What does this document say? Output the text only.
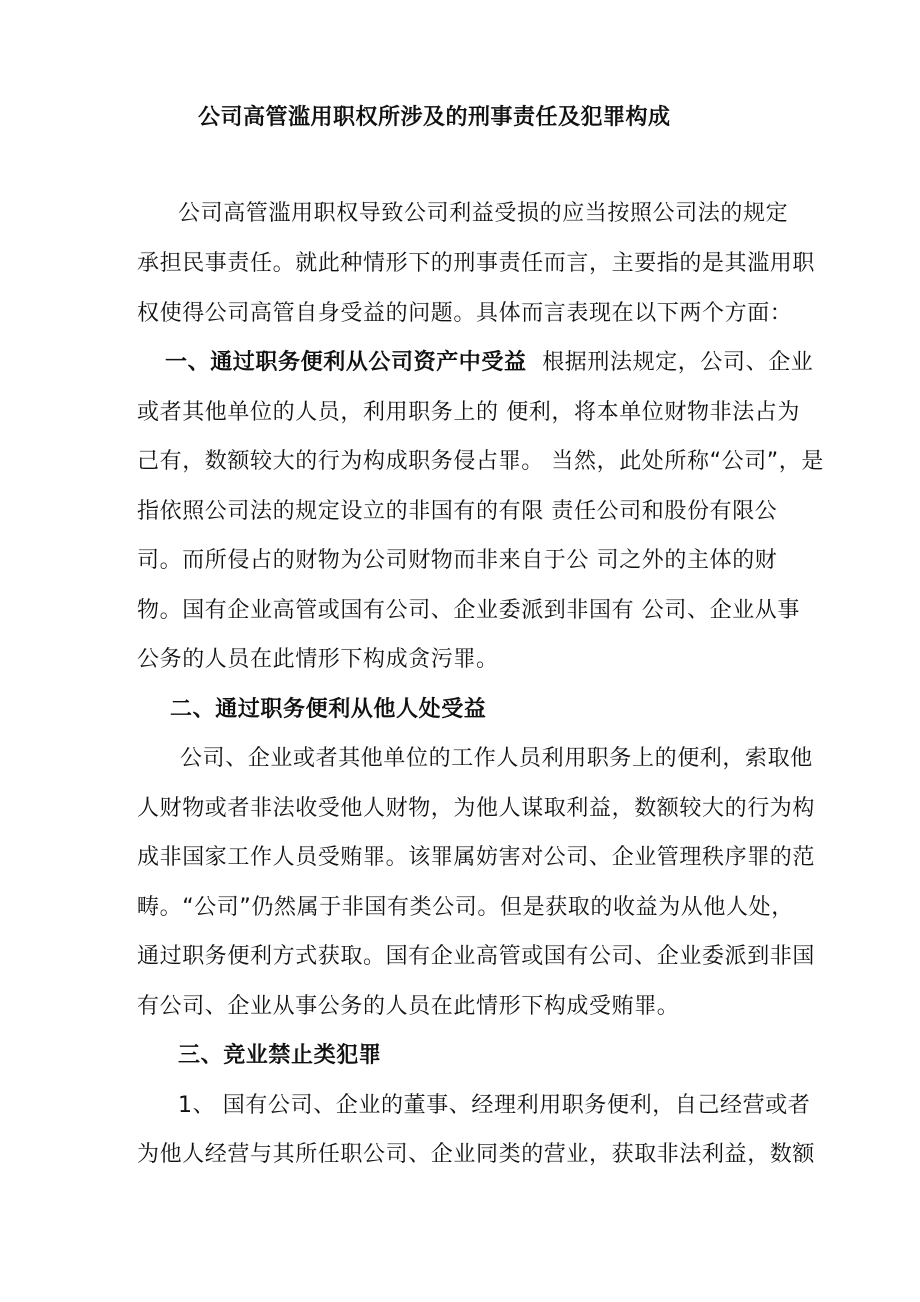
公司高管滥用职权所涉及的刑事责任及犯罪构成
公司高管滥用职权导致公司利益受损的应当按照公司法的规定
承担民事责任。就此种情形下的刑事责任而言，主要指的是其滥用职
权使得公司高管自身受益的问题。具体而言表现在以下两个方面：
一、通过职务便利从公司资产中受益 根据刑法规定，公司、企业
或者其他单位的人员，利用职务上的 便利，将本单位财物非法占为
己有，数额较大的行为构成职务侵占罪。 当然，此处所称“公司”，是
指依照公司法的规定设立的非国有的有限 责任公司和股份有限公
司。而所侵占的财物为公司财物而非来自于公 司之外的主体的财
物。国有企业高管或国有公司、企业委派到非国有 公司、企业从事
公务的人员在此情形下构成贪污罪。
二、通过职务便利从他人处受益
公司、企业或者其他单位的工作人员利用职务上的便利，索取他
人财物或者非法收受他人财物，为他人谋取利益，数额较大的行为构
成非国家工作人员受贿罪。该罪属妨害对公司、企业管理秩序罪的范
畴。“公司”仍然属于非国有类公司。但是获取的收益为从他人处，
通过职务便利方式获取。国有企业高管或国有公司、企业委派到非国
有公司、企业从事公务的人员在此情形下构成受贿罪。
三、竞业禁止类犯罪
1、 国有公司、企业的董事、经理利用职务便利，自己经营或者
为他人经营与其所任职公司、企业同类的营业，获取非法利益，数额
